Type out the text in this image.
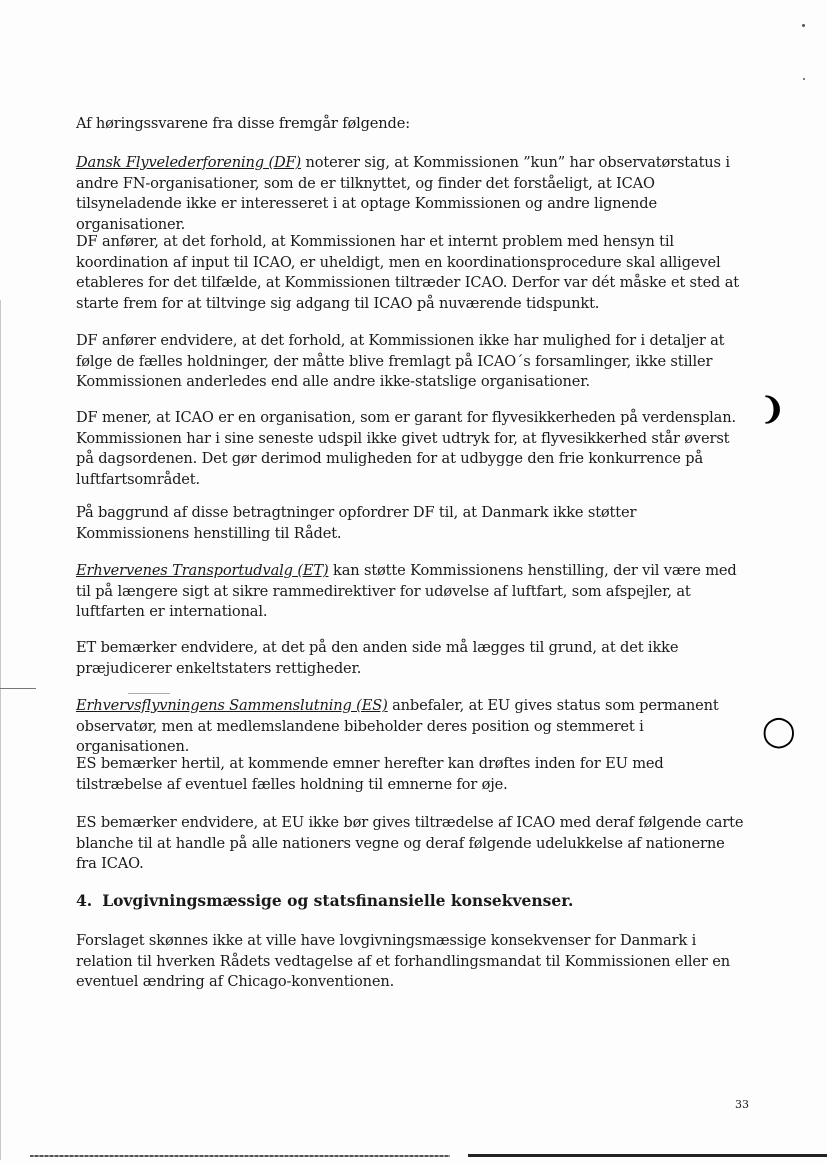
Af høringssvarene fra disse fremgår følgende:

Dansk Flyvelederforening (DF) noterer sig, at Kommissionen ”kun” har observatørstatus i andre FN-organisationer, som de er tilknyttet, og finder det forståeligt, at ICAO tilsyneladende ikke er interesseret i at optage Kommissionen og andre lignende organisationer.

DF anfører, at det forhold, at Kommissionen har et internt problem med hensyn til koordination af input til ICAO, er uheldigt, men en koordinationsprocedure skal alligevel etableres for det tilfælde, at Kommissionen tiltræder ICAO. Derfor var dét måske et sted at starte frem for at tiltvinge sig adgang til ICAO på nuværende tidspunkt.

DF anfører endvidere, at det forhold, at Kommissionen ikke har mulighed for i detaljer at følge de fælles holdninger, der måtte blive fremlagt på ICAO´s forsamlinger, ikke stiller Kommissionen anderledes end alle andre ikke-statslige organisationer.

DF mener, at ICAO er en organisation, som er garant for flyvesikkerheden på verdensplan. Kommissionen har i sine seneste udspil ikke givet udtryk for, at flyvesikkerhed står øverst på dagsordenen. Det gør derimod muligheden for at udbygge den frie konkurrence på luftfartsområdet.

På baggrund af disse betragtninger opfordrer DF til, at Danmark ikke støtter Kommissionens henstilling til Rådet.

Erhvervenes Transportudvalg (ET) kan støtte Kommissionens henstilling, der vil være med til på længere sigt at sikre rammedirektiver for udøvelse af luftfart, som afspejler, at luftfarten er international.

ET bemærker endvidere, at det på den anden side må lægges til grund, at det ikke præjudicerer enkeltstaters rettigheder.

Erhvervsflyvningens Sammenslutning (ES) anbefaler, at EU gives status som permanent observatør, men at medlemslandene bibeholder deres position og stemmeret i organisationen.

ES bemærker hertil, at kommende emner herefter kan drøftes inden for EU med tilstræbelse af eventuel fælles holdning til emnerne for øje.

ES bemærker endvidere, at EU ikke bør gives tiltrædelse af ICAO med deraf følgende carte blanche til at handle på alle nationers vegne og deraf følgende udelukkelse af nationerne fra ICAO.

4. Lovgivningsmæssige og statsfinansielle konsekvenser.

Forslaget skønnes ikke at ville have lovgivningsmæssige konsekvenser for Danmark i relation til hverken Rådets vedtagelse af et forhandlingsmandat til Kommissionen eller en eventuel ændring af Chicago-konventionen.

33
❩
◯
